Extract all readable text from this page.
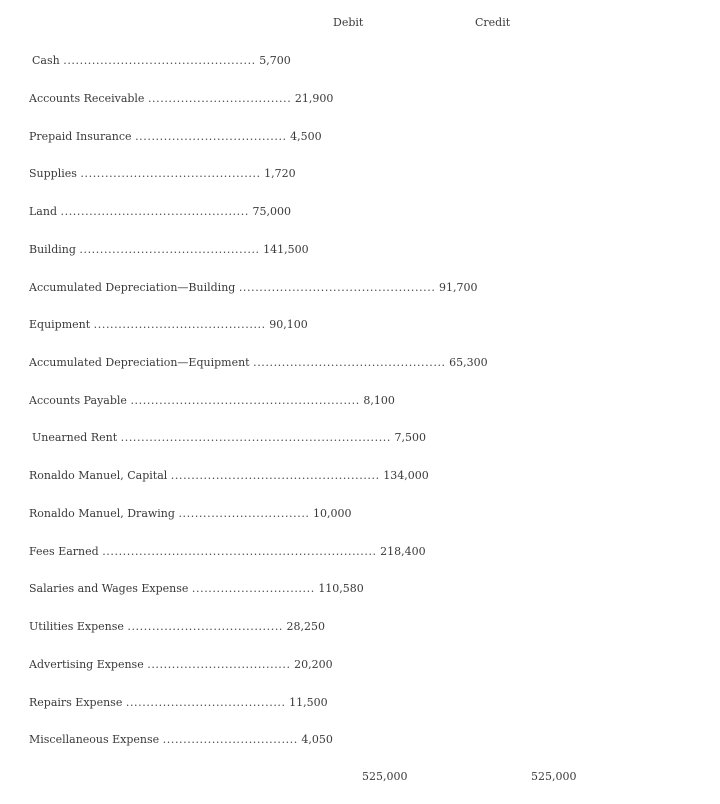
Debit	Credit
Cash ............................................... 5,700
Accounts Receivable ................................... 21,900
Prepaid Insurance ..................................... 4,500
Supplies ............................................ 1,720
Land .............................................. 75,000
Building ............................................ 141,500
Accumulated Depreciation—Building ................................................ 91,700
Equipment .......................................... 90,100
Accumulated Depreciation—Equipment ............................................... 65,300
Accounts Payable ........................................................ 8,100
Unearned Rent .................................................................. 7,500
Ronaldo Manuel, Capital ................................................... 134,000
Ronaldo Manuel, Drawing ................................ 10,000
Fees Earned ................................................................... 218,400
Salaries and Wages Expense .............................. 110,580
Utilities Expense ...................................... 28,250
Advertising Expense ................................... 20,200
Repairs Expense ....................................... 11,500
Miscellaneous Expense ................................. 4,050
525,000	525,000
